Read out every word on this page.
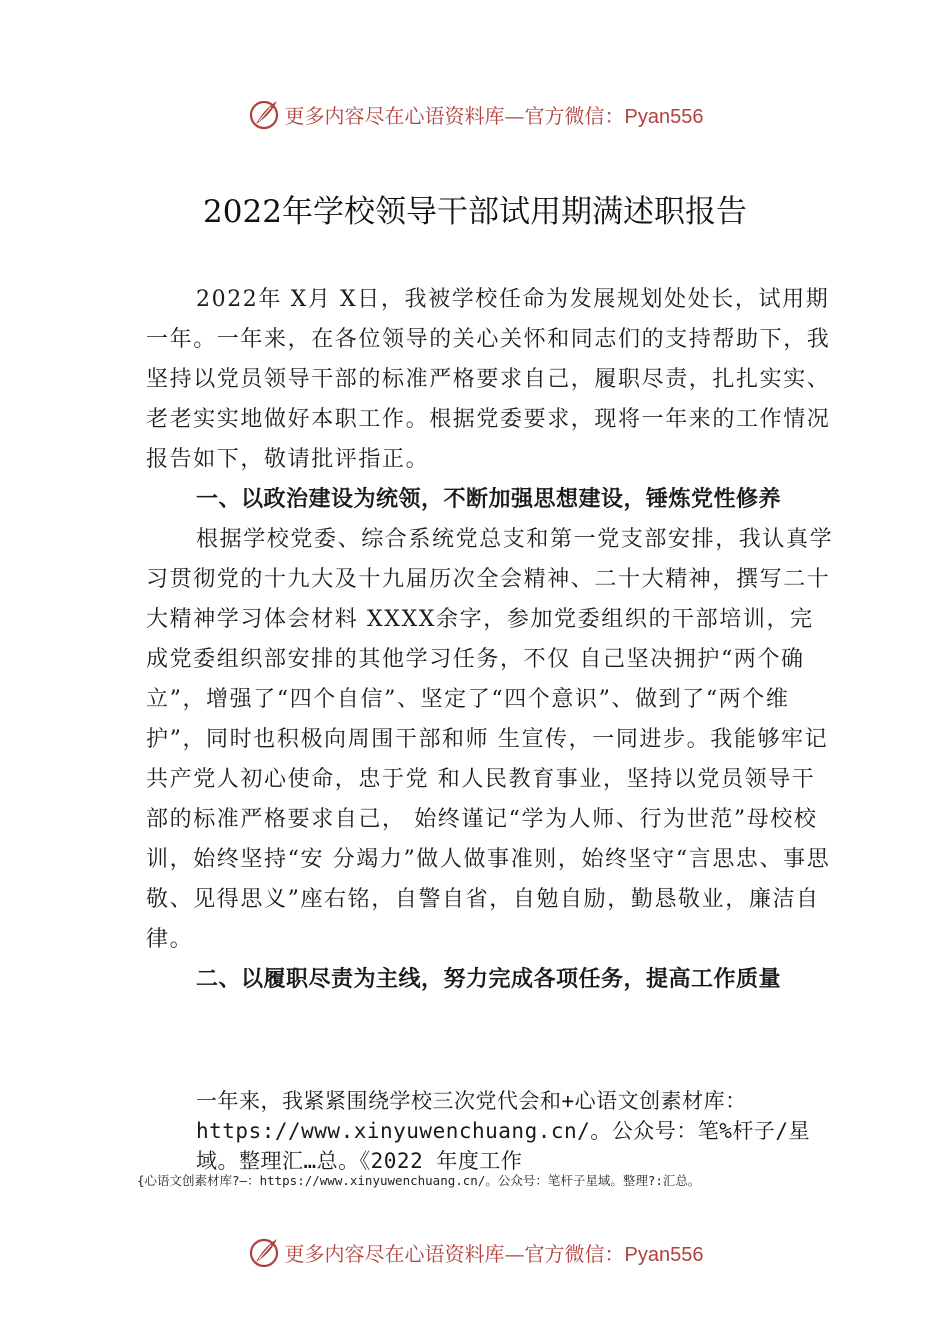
更多内容尽在心语资料库—官方微信：Pyan556
2022年学校领导干部试用期满述职报告

2022年 X月 X日，我被学校任命为发展规划处处长，试用期一年。一年来，在各位领导的关心关怀和同志们的支持帮助下，我坚持以党员领导干部的标准严格要求自己，履职尽责，扎扎实实、老老实实地做好本职工作。根据党委要求，现将一年来的工作情况报告如下，敬请批评指正。

一、以政治建设为统领，不断加强思想建设，锤炼党性修养

根据学校党委、综合系统党总支和第一党支部安排，我认真学习贯彻党的十九大及十九届历次全会精神、二十大精神，撰写二十大精神学习体会材料 XXXX余字，参加党委组织的干部培训，完成党委组织部安排的其他学习任务，不仅 自己坚决拥护“两个确立”，增强了“四个自信”、坚定了“四个意识”、做到了“两个维护”，同时也积极向周围干部和师 生宣传，一同进步。我能够牢记共产党人初心使命，忠于党 和人民教育事业，坚持以党员领导干部的标准严格要求自己， 始终谨记“学为人师、行为世范”母校校训，始终坚持“安 分竭力”做人做事准则，始终坚守“言思忠、事思敬、见得思义”座右铭，自警自省，自勉自励，勤恳敬业，廉洁自律。

二、以履职尽责为主线，努力完成各项任务，提高工作质量

一年来，我紧紧围绕学校三次党代会和+心语文创素材库：https://www.xinyuwenchuang.cn/。公众号：笔%杆子/星域。整理汇…总。《2022 年度工作
{心语文创素材库?—：https://www.xinyuwenchuang.cn/。公众号：笔杆子星域。整理?:汇总。
更多内容尽在心语资料库—官方微信：Pyan556
